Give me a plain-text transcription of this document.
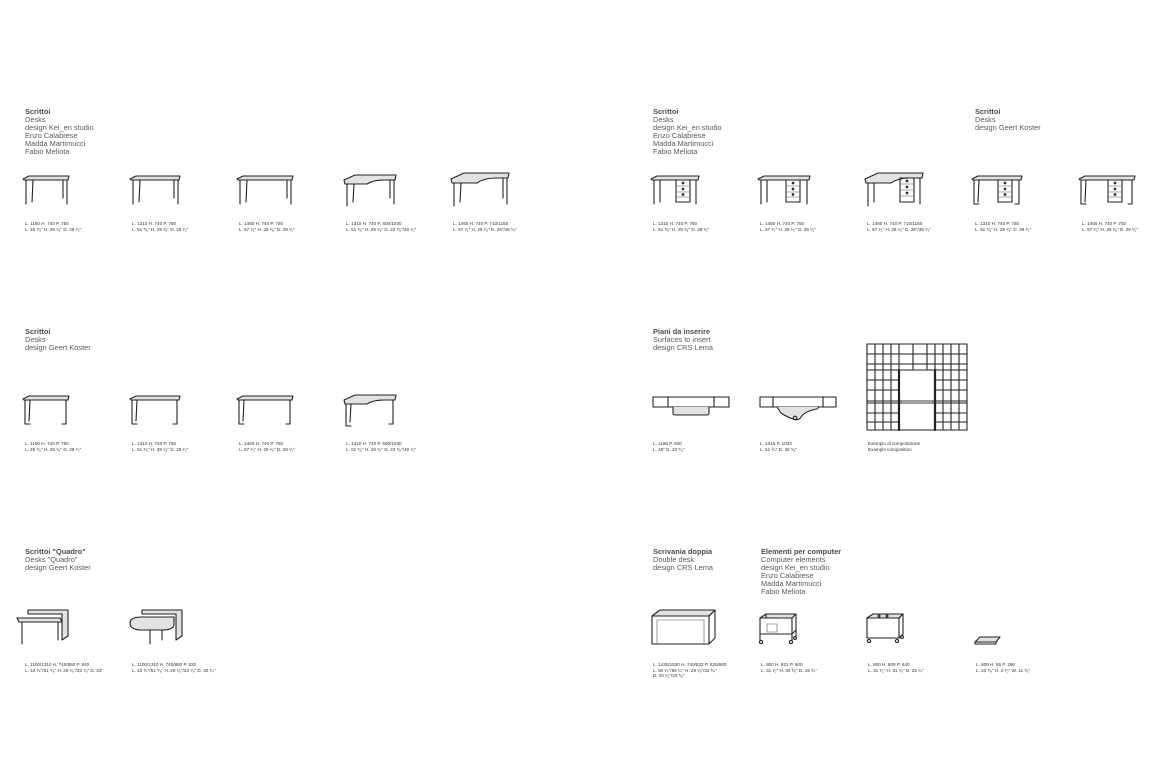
Scrittoi
Desks
design Kei_en studio
Enzo Calabrese
Madda Martimucci
Fabio Meliota
L. 1160 H. 740 P. 750
L. 45 ⁵⁄₈" H. 29 ¹⁄₈" D. 29 ¹⁄₂"
L. 1310 H. 740 P. 750
L. 51 ⁵⁄₈" H. 29 ¹⁄₈" D. 29 ¹⁄₂"
L. 1460 H. 740 P. 750
L. 57 ¹⁄₂" H. 29 ¹⁄₈" D. 29 ¹⁄₂"
L. 1310 H. 740 P. 600/1030
L. 51 ⁵⁄₈" H. 29 ¹⁄₈" D. 23 ⁵⁄₈"/40 ¹⁄₂"
L. 1460 H. 740 P. 710/1150
L. 57 ¹⁄₂" H. 29 ¹⁄₈" D. 28"/45 ¹⁄₄"
Scrittoi
Desks
design Kei_en studio
Enzo Calabrese
Madda Martimucci
Fabio Meliota
Scrittoi
Desks
design Geert Koster
L. 1310 H. 740 P. 750
L. 51 ⁵⁄₈" H. 29 ¹⁄₈" D. 29 ¹⁄₂"
L. 1460 H. 740 P. 750
L. 57 ¹⁄₂" H. 29 ¹⁄₈" D. 29 ¹⁄₂"
L. 1460 H. 740 P. 710/1150
L. 57 ¹⁄₂" H. 29 ¹⁄₈" D. 28"/45 ¹⁄₄"
L. 1310 H. 740 P. 750
L. 51 ⁵⁄₈" H. 29 ¹⁄₈" D. 29 ¹⁄₂"
L. 1460 H. 740 P. 750
L. 57 ¹⁄₂" H. 29 ¹⁄₈" D. 29 ¹⁄₂"
Scrittoi
Desks
design Geert Koster
L. 1160 H. 740 P. 750
L. 45 ⁵⁄₈" H. 29 ¹⁄₈" D. 29 ¹⁄₂"
L. 1310 H. 740 P. 750
L. 51 ⁵⁄₈" H. 29 ¹⁄₈" D. 29 ¹⁄₂"
L. 1460 H. 740 P. 750
L. 57 ¹⁄₂" H. 29 ¹⁄₈" D. 29 ¹⁄₂"
L. 1310 H. 740 P. 600/1030
L. 51 ⁵⁄₈" H. 29 ¹⁄₈" D. 23 ⁵⁄₈"/40 ¹⁄₂"
Piani da inserire
Surfaces to insert
design CRS Lema
L. 1166 P. 600
L. 46" D. 23 ⁵⁄₈"
L. 1316 P. 1033
L. 51 ³⁄₄" D. 40 ⁵⁄₈"
Esempio di composizione
Example composition
Scrittoi "Quadro"
Desks "Quadro"
design Geert Koster
L. 1100/1310 H. 740/860 P. 840
L. 43 ¹⁄₄"/51 ⁵⁄₈" H. 29 ¹⁄₈"/33 ⁷⁄₈" D. 33"
L. 1100/1310 H. 740/860 P. 820
L. 43 ¹⁄₄"/51 ⁵⁄₈" H. 29 ¹⁄₈"/33 ⁷⁄₈" D. 32 ¹⁄₄"
Scrivania doppia
Double desk
design CRS Lema
Elementi per computer
Computer elements
design Kei_en studio
Enzo Calabrese
Madda Martimucci
Fabio Meliota
L. 1430/1530 H. 740/832 P. 520/600
L. 60 ¹⁄₄"/56 ¹⁄₄" H. 29 ¹⁄₈"/32 ³⁄₄"
D. 20 ¹⁄₂"/23 ⁵⁄₈"
L. 800 H. 821 P. 500
L. 31 ¹⁄₂" H. 32 ³⁄₈" D. 19 ³⁄₄"
L. 800 H. 809 P. 640
L. 31 ¹⁄₂" H. 31 ⁷⁄₈" D. 25 ¹⁄₄"
L. 600 H. 65 P. 290
L. 23 ⁵⁄₈" H. 2 ¹⁄₂" W. 11 ³⁄₈"
